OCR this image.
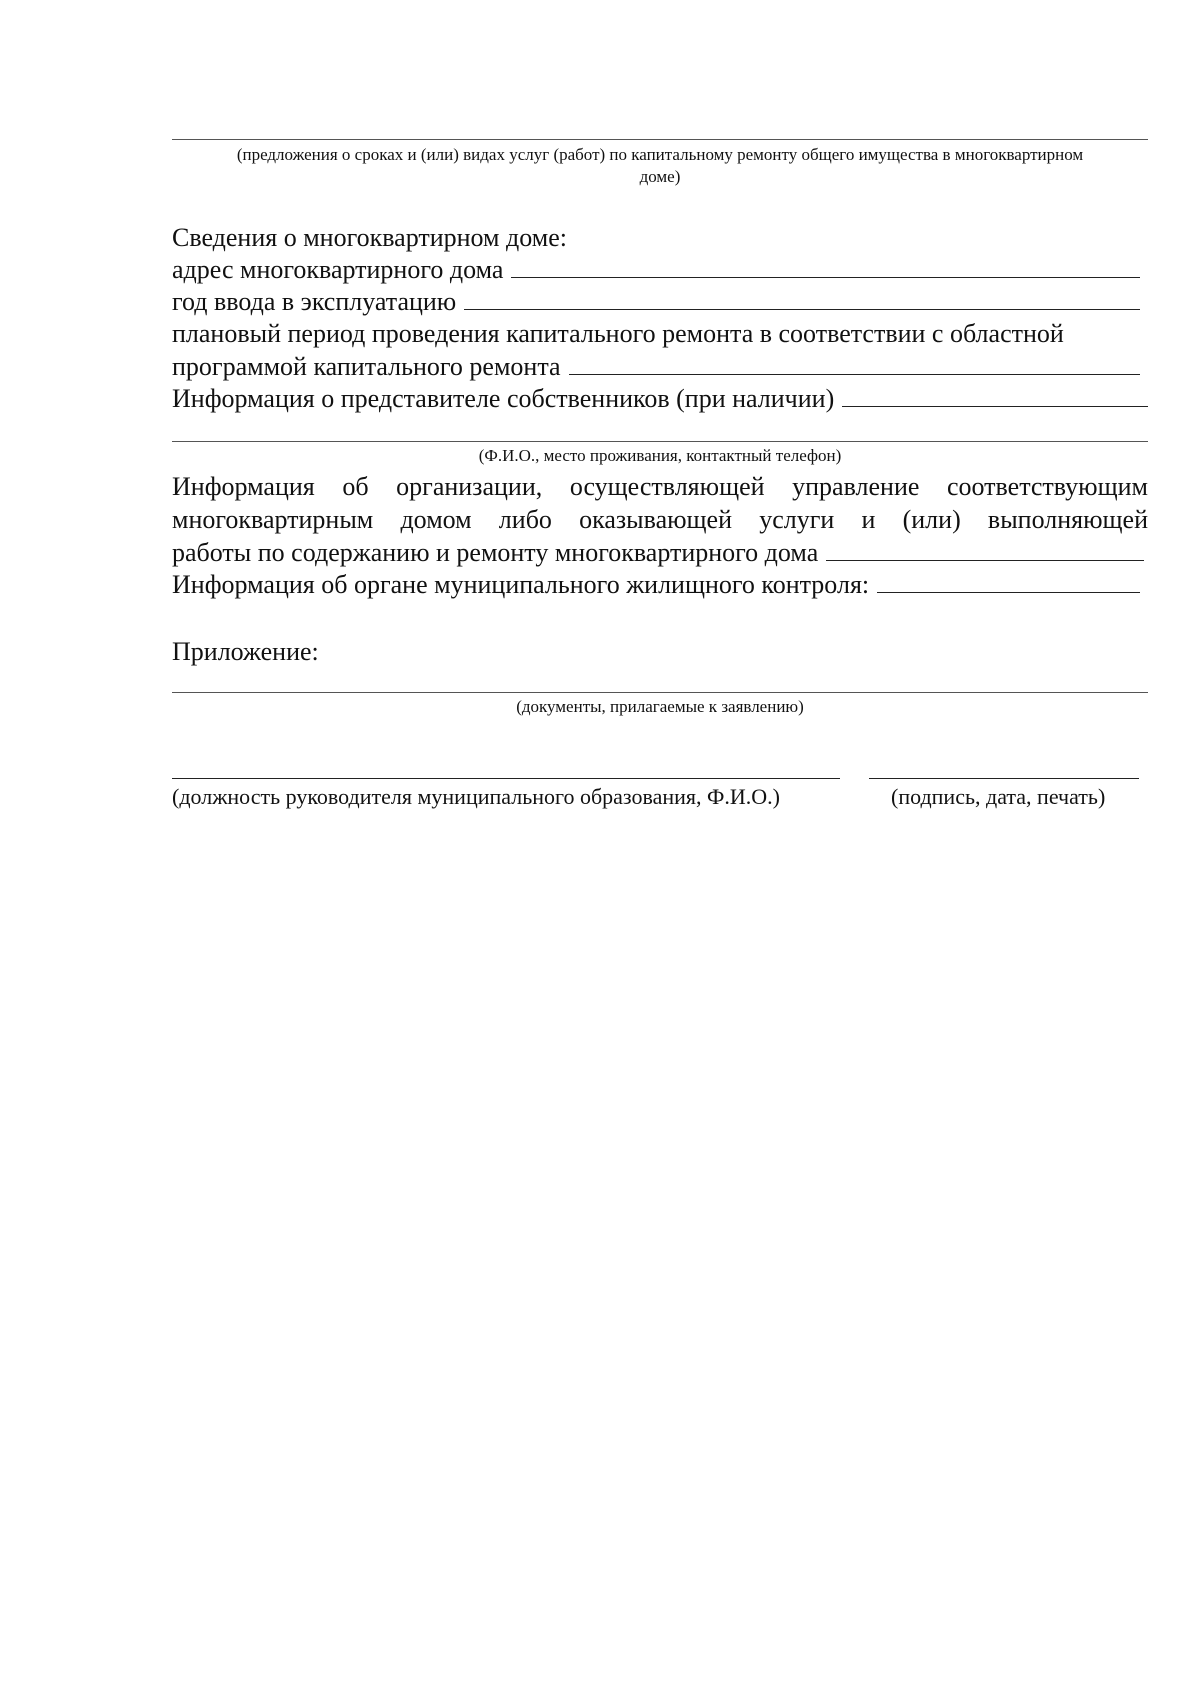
(предложения о сроках и (или) видах услуг (работ) по капитальному ремонту общего имущества в многоквартирном доме)
Сведения о многоквартирном доме:
адрес многоквартирного дома
год ввода в эксплуатацию
плановый период проведения капитального ремонта в соответствии с областной
программой капитального ремонта
Информация о представителе собственников (при наличии)
(Ф.И.О., место проживания, контактный телефон)
Информация об организации, осуществляющей управление соответствующим
многоквартирным домом либо оказывающей услуги и (или) выполняющей
работы по содержанию и ремонту многоквартирного дома
Информация об органе муниципального жилищного контроля:
Приложение:
(документы, прилагаемые к заявлению)
(должность руководителя муниципального образования, Ф.И.О.)	(подпись, дата, печать)
